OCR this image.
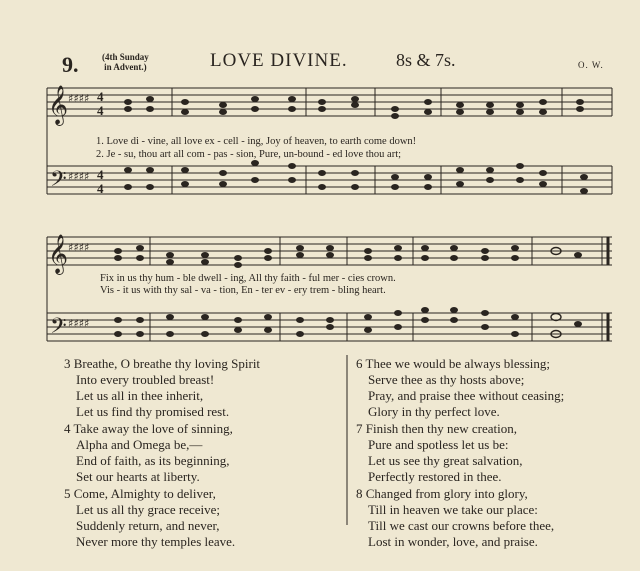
9.	(4th Sunday
in Advent.)	LOVE DIVINE.	8s & 7s.	O. W.
𝄞
𝄢
𝄞
𝄢
♯♯♯♯
♯♯♯♯
♯♯♯♯
♯♯♯♯
4
4
4
4
1. Love di - vine, all love ex - cell - ing, Joy of heaven, to earth come down!
2. Je - su, thou art all com - pas - sion, Pure, un-bound - ed love thou art;
Fix in us thy hum - ble dwell - ing, All thy faith - ful mer - cies crown.
Vis - it us with thy sal - va - tion, En - ter ev - ery trem - bling heart.
3 Breathe, O breathe thy loving Spirit
Into every troubled breast!
Let us all in thee inherit,
Let us find thy promised rest.
4 Take away the love of sinning,
Alpha and Omega be,—
End of faith, as its beginning,
Set our hearts at liberty.
5 Come, Almighty to deliver,
Let us all thy grace receive;
Suddenly return, and never,
Never more thy temples leave.
6 Thee we would be always blessing;
Serve thee as thy hosts above;
Pray, and praise thee without ceasing;
Glory in thy perfect love.
7 Finish then thy new creation,
Pure and spotless let us be:
Let us see thy great salvation,
Perfectly restored in thee.
8 Changed from glory into glory,
Till in heaven we take our place:
Till we cast our crowns before thee,
Lost in wonder, love, and praise.
